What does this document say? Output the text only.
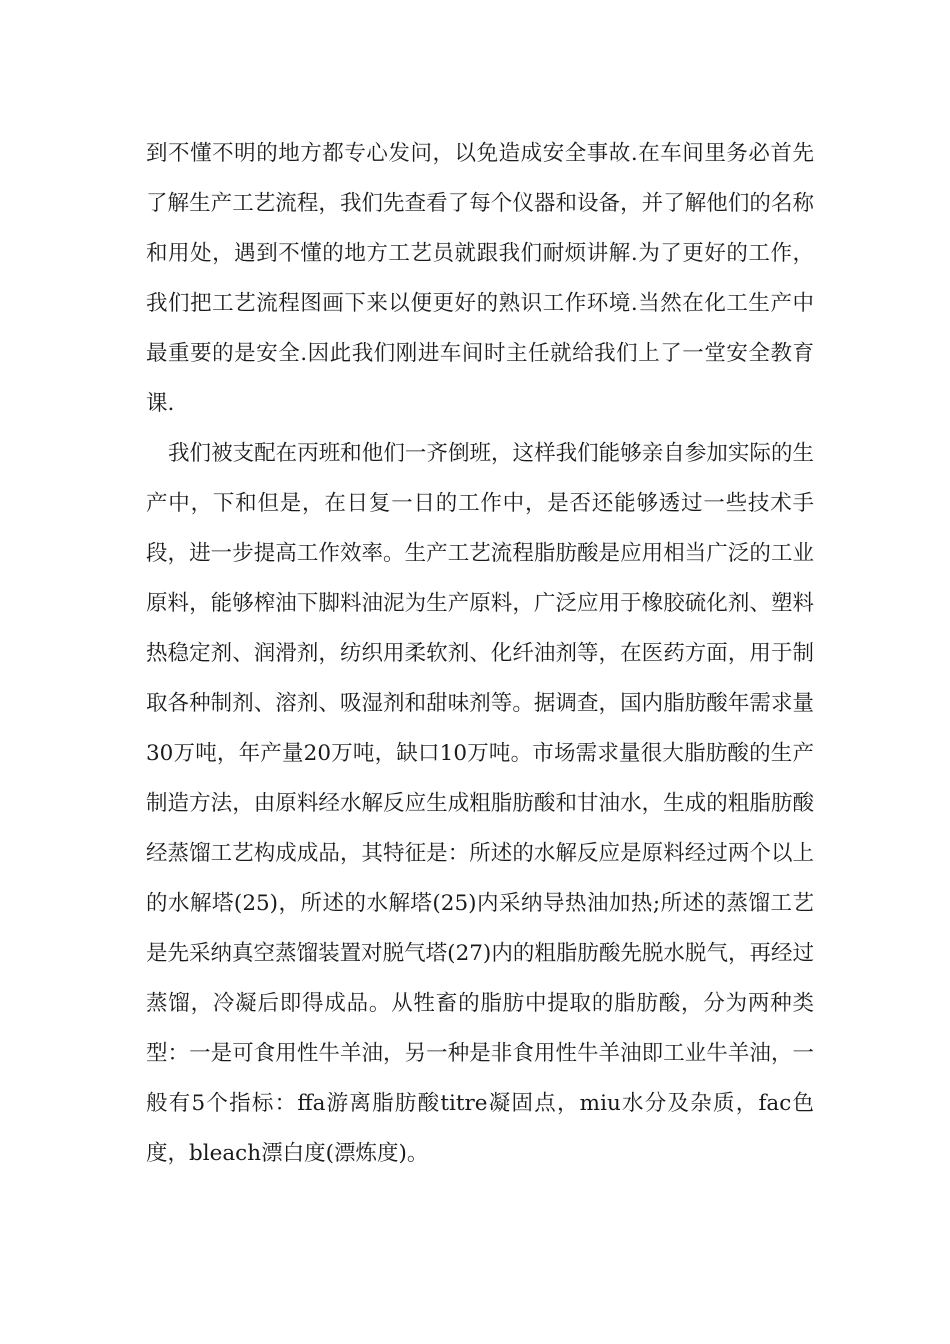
到不懂不明的地方都专心发问，以免造成安全事故.在车间里务必首先了解生产工艺流程，我们先查看了每个仪器和设备，并了解他们的名称和用处，遇到不懂的地方工艺员就跟我们耐烦讲解.为了更好的工作，我们把工艺流程图画下来以便更好的熟识工作环境.当然在化工生产中最重要的是安全.因此我们刚进车间时主任就给我们上了一堂安全教育课.

我们被支配在丙班和他们一齐倒班，这样我们能够亲自参加实际的生产中，下和但是，在日复一日的工作中，是否还能够透过一些技术手段，进一步提高工作效率。生产工艺流程脂肪酸是应用相当广泛的工业原料，能够榨油下脚料油泥为生产原料，广泛应用于橡胶硫化剂、塑料热稳定剂、润滑剂，纺织用柔软剂、化纤油剂等，在医药方面，用于制取各种制剂、溶剂、吸湿剂和甜味剂等。据调查，国内脂肪酸年需求量30万吨，年产量20万吨，缺口10万吨。市场需求量很大脂肪酸的生产制造方法，由原料经水解反应生成粗脂肪酸和甘油水，生成的粗脂肪酸经蒸馏工艺构成成品，其特征是：所述的水解反应是原料经过两个以上的水解塔(25)，所述的水解塔(25)内采纳导热油加热;所述的蒸馏工艺是先采纳真空蒸馏装置对脱气塔(27)内的粗脂肪酸先脱水脱气，再经过蒸馏，冷凝后即得成品。从牲畜的脂肪中提取的脂肪酸，分为两种类型：一是可食用性牛羊油，另一种是非食用性牛羊油即工业牛羊油，一般有5个指标：ffa游离脂肪酸titre凝固点，miu水分及杂质，fac色度，bleach漂白度(漂炼度)。
